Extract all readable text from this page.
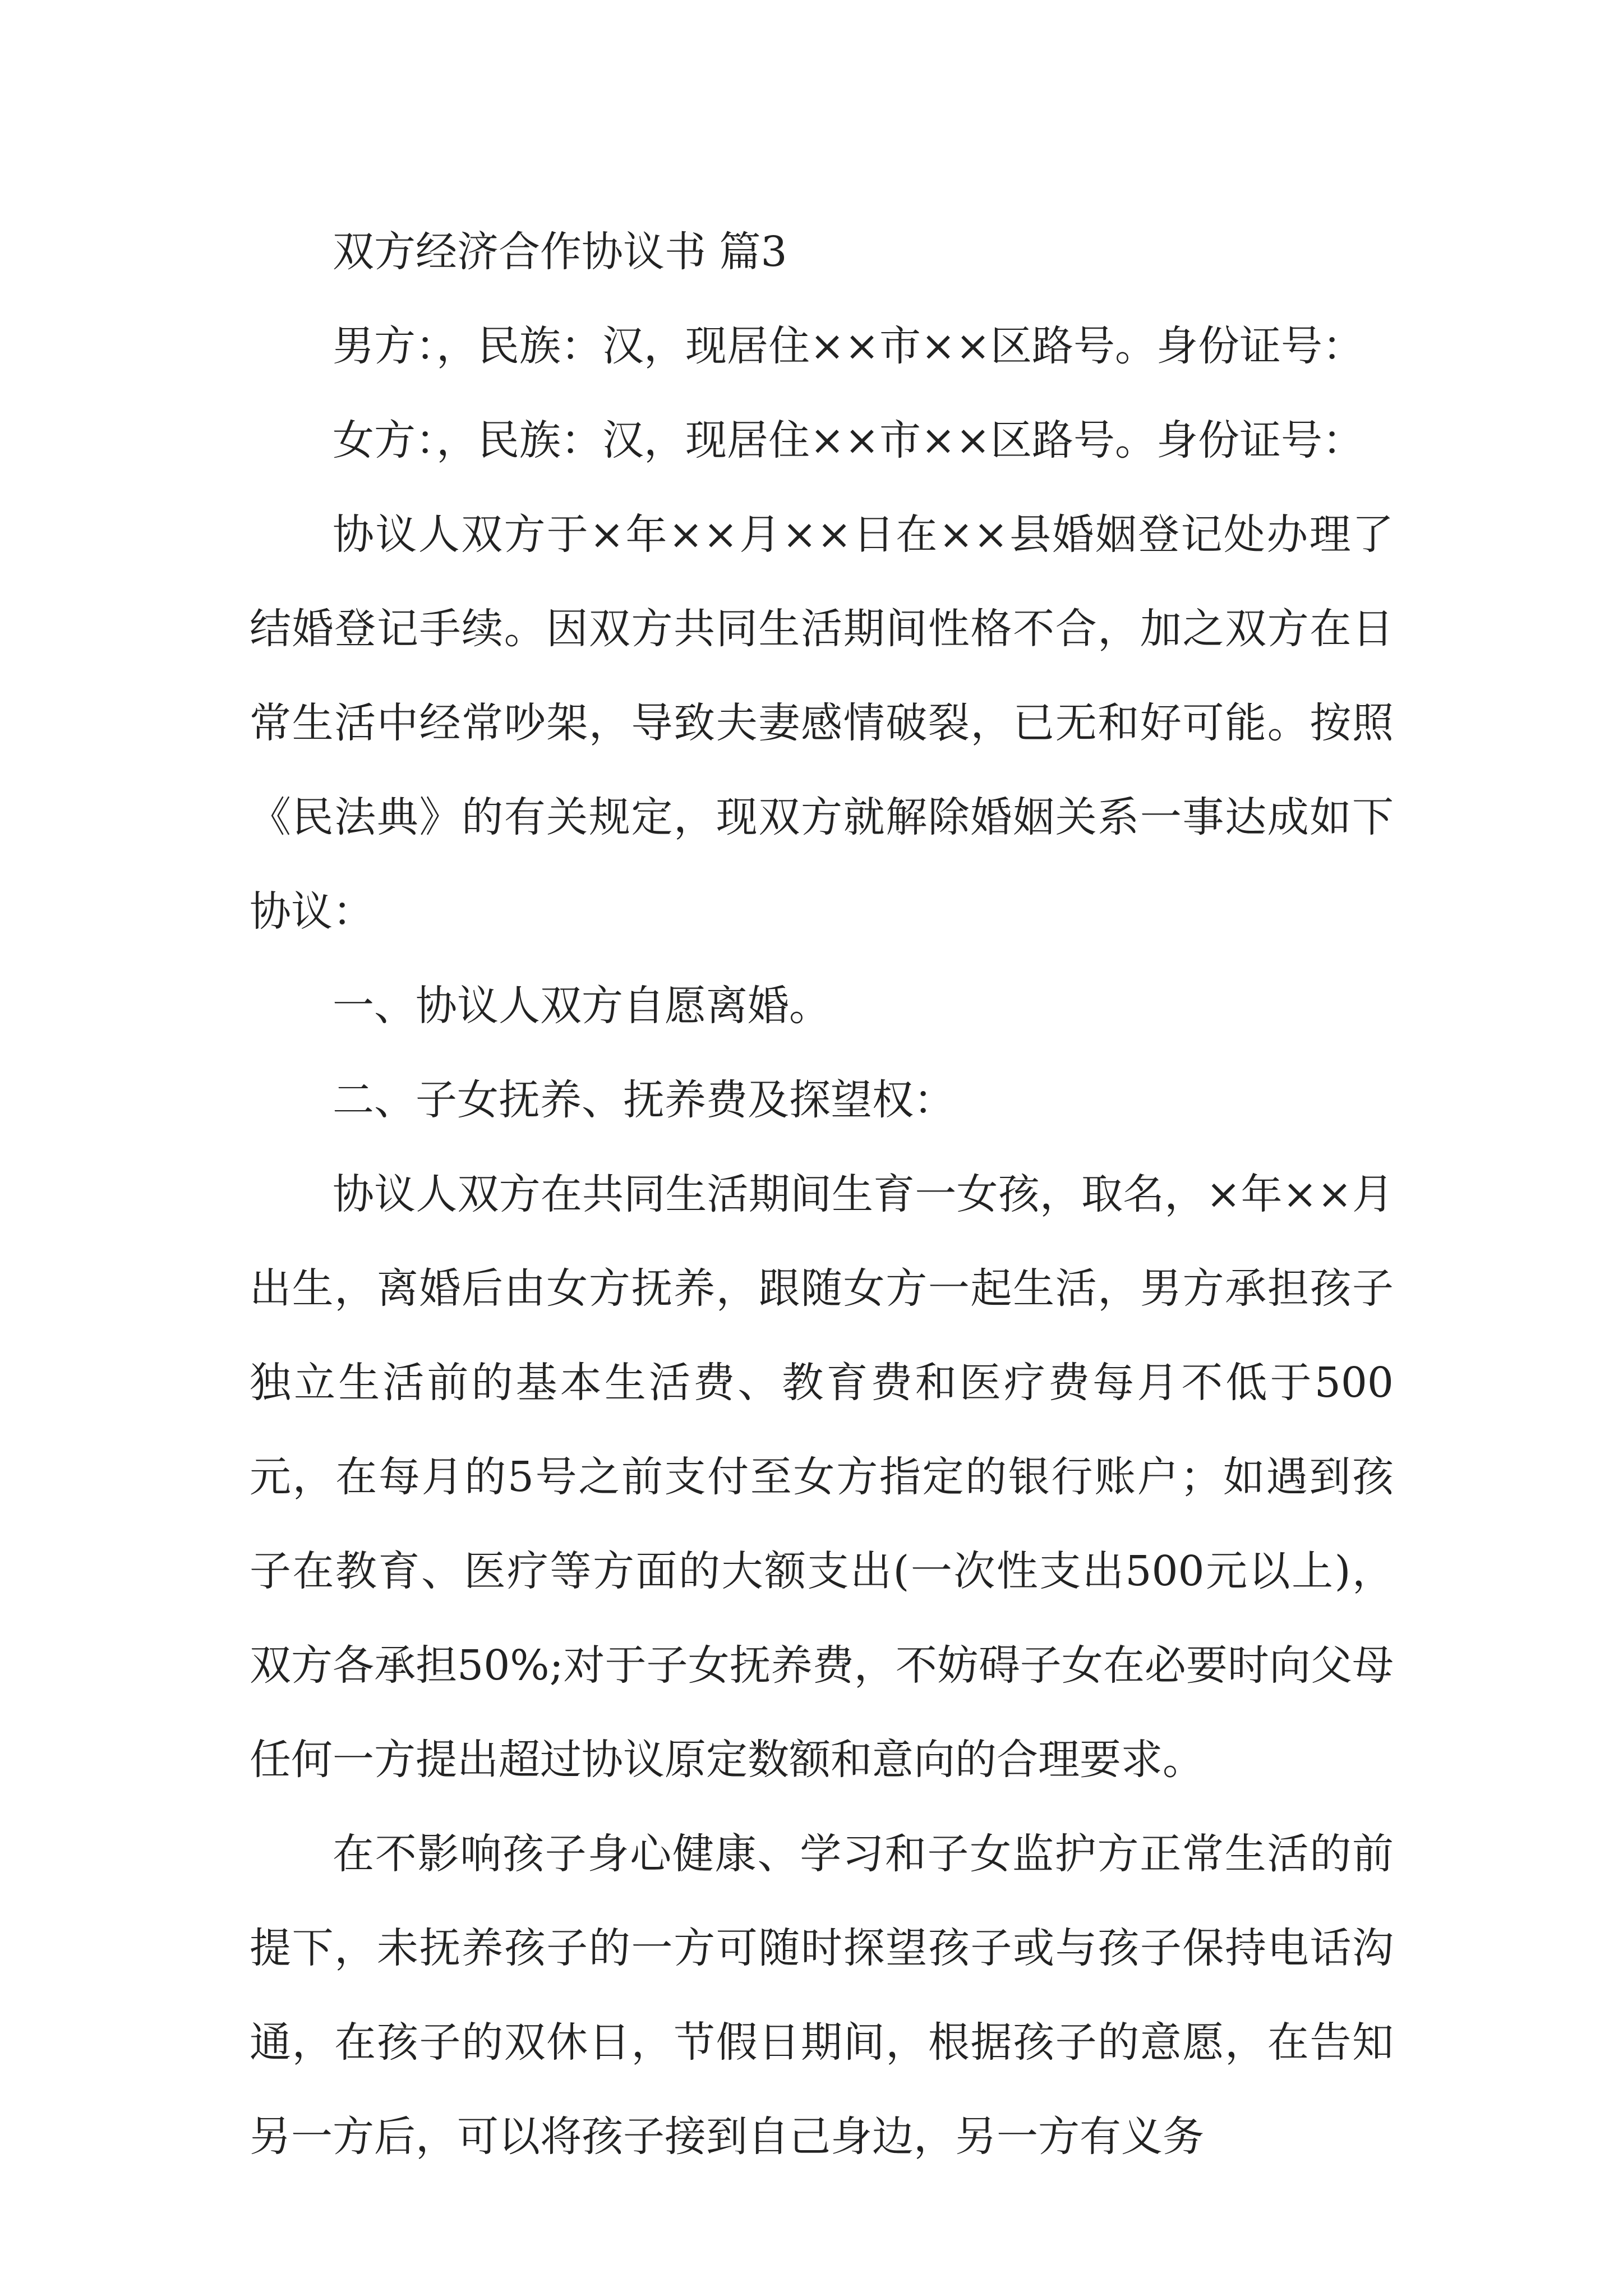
双方经济合作协议书 篇3

男方：，民族：汉，现居住××市××区路号。身份证号：

女方：，民族：汉，现居住××市××区路号。身份证号：

协议人双方于×年××月××日在××县婚姻登记处办理了结婚登记手续。因双方共同生活期间性格不合，加之双方在日常生活中经常吵架，导致夫妻感情破裂，已无和好可能。按照《民法典》的有关规定，现双方就解除婚姻关系一事达成如下协议：

一、协议人双方自愿离婚。

二、子女抚养、抚养费及探望权：

协议人双方在共同生活期间生育一女孩，取名，×年××月出生，离婚后由女方抚养，跟随女方一起生活，男方承担孩子独立生活前的基本生活费、教育费和医疗费每月不低于500元，在每月的5号之前支付至女方指定的银行账户；如遇到孩子在教育、医疗等方面的大额支出(一次性支出500元以上)，双方各承担50%;对于子女抚养费，不妨碍子女在必要时向父母任何一方提出超过协议原定数额和意向的合理要求。

在不影响孩子身心健康、学习和子女监护方正常生活的前提下，未抚养孩子的一方可随时探望孩子或与孩子保持电话沟通，在孩子的双休日，节假日期间，根据孩子的意愿，在告知另一方后，可以将孩子接到自己身边，另一方有义务
